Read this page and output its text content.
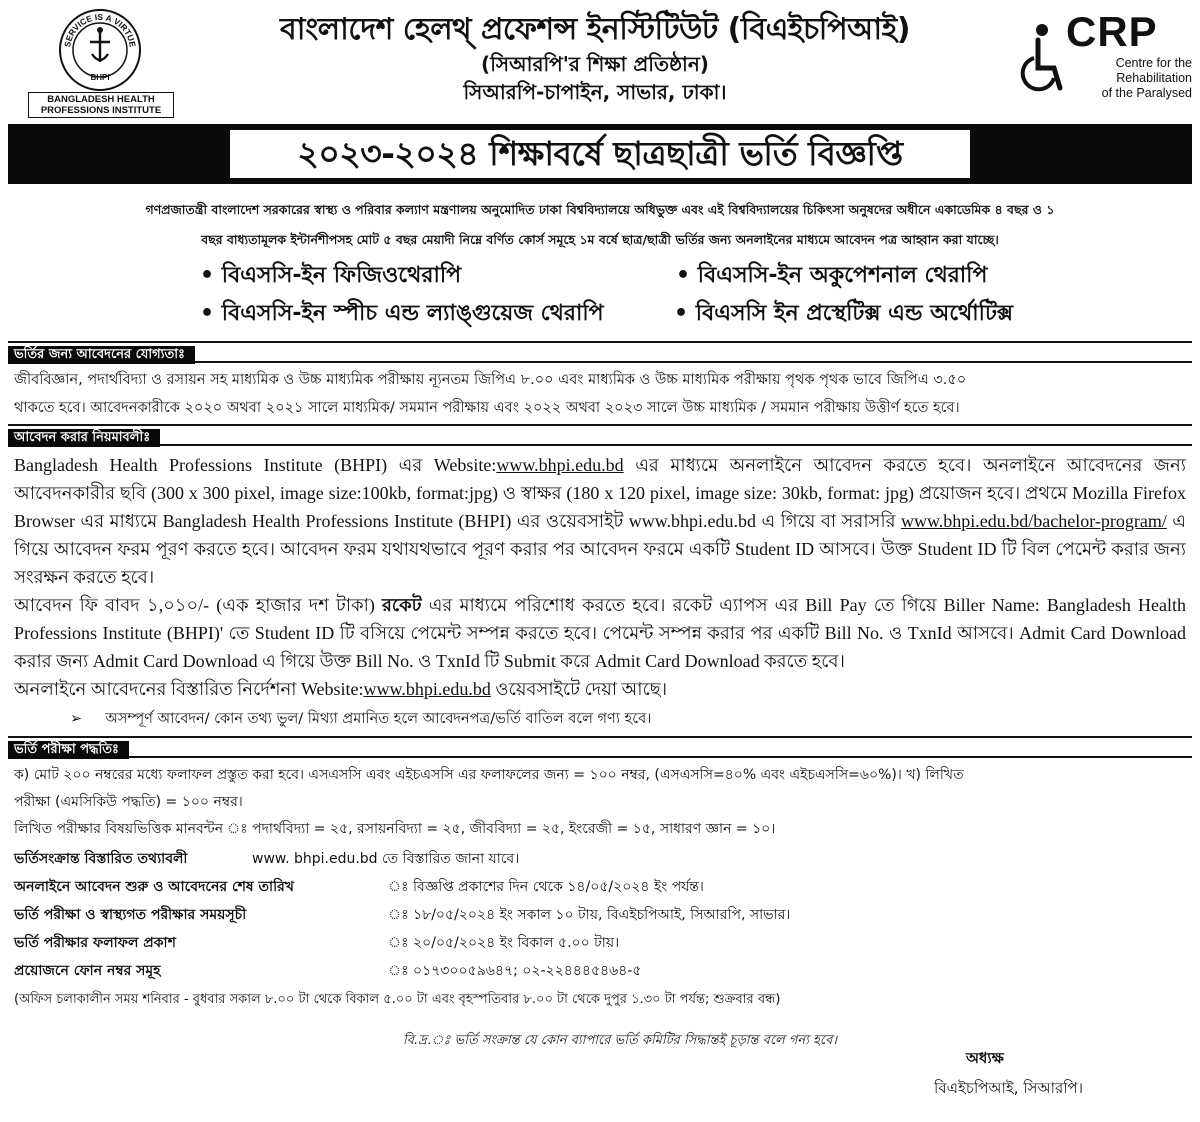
SERVICE IS A VIRTUE
BHPI
BANGLADESH HEALTH
PROFESSIONS INSTITUTE
বাংলাদেশ হেলথ্ প্রফেশন্স ইনস্টিটিউট (বিএইচপিআই)
(সিআরপি'র শিক্ষা প্রতিষ্ঠান)
সিআরপি-চাপাইন, সাভার, ঢাকা।
CRP
Centre for the
Rehabilitation
of the Paralysed
২০২৩-২০২৪ শিক্ষাবর্ষে ছাত্রছাত্রী ভর্তি বিজ্ঞপ্তি
গণপ্রজাতন্ত্রী বাংলাদেশ সরকারের স্বাস্থ্য ও পরিবার কল্যাণ মন্ত্রণালয় অনুমোদিত ঢাকা বিশ্ববিদ্যালয়ে অধিভুক্ত এবং এই বিশ্ববিদ্যালয়ের চিকিৎসা অনুষদের অধীনে একাডেমিক ৪ বছর ও ১
বছর বাধ্যতামূলক ইন্টার্নশীপসহ মোট ৫ বছর মেয়াদী নিম্নে বর্ণিত কোর্স সমূহে ১ম বর্ষে ছাত্র/ছাত্রী ভর্তির জন্য অনলাইনের মাধ্যমে আবেদন পত্র আহ্বান করা যাচ্ছে।
• বিএসসি-ইন ফিজিওথেরাপি	• বিএসসি-ইন অকুপেশনাল থেরাপি
• বিএসসি-ইন স্পীচ এন্ড ল্যাঙ্গুয়েজ থেরাপি	• বিএসসি ইন প্রস্থেটিক্স এন্ড অর্থোটিক্স
ভর্তির জন্য আবেদনের যোগ্যতাঃ
জীববিজ্ঞান, পদার্থবিদ্যা ও রসায়ন সহ মাধ্যমিক ও উচ্চ মাধ্যমিক পরীক্ষায় ন্যূনতম জিপিএ ৮.০০ এবং মাধ্যমিক ও উচ্চ মাধ্যমিক পরীক্ষায় পৃথক পৃথক ভাবে জিপিএ ৩.৫০
থাকতে হবে। আবেদনকারীকে ২০২০ অথবা ২০২১ সালে মাধ্যমিক/ সমমান পরীক্ষায় এবং ২০২২ অথবা ২০২৩ সালে উচ্চ মাধ্যমিক / সমমান পরীক্ষায় উত্তীর্ণ হতে হবে।
আবেদন করার নিয়মাবলীঃ
Bangladesh Health Professions Institute (BHPI) এর Website:www.bhpi.edu.bd এর মাধ্যমে অনলাইনে আবেদন করতে হবে। অনলাইনে আবেদনের জন্য আবেদনকারীর ছবি (300 x 300 pixel, image size:100kb, format:jpg) ও স্বাক্ষর (180 x 120 pixel, image size: 30kb, format: jpg) প্রয়োজন হবে। প্রথমে Mozilla Firefox Browser এর মাধ্যমে Bangladesh Health Professions Institute (BHPI) এর ওয়েবসাইট www.bhpi.edu.bd এ গিয়ে বা সরাসরি www.bhpi.edu.bd/bachelor-program/ এ গিয়ে আবেদন ফরম পূরণ করতে হবে। আবেদন ফরম যথাযথভাবে পূরণ করার পর আবেদন ফরমে একটি Student ID আসবে। উক্ত Student ID টি বিল পেমেন্ট করার জন্য সংরক্ষন করতে হবে।
আবেদন ফি বাবদ ১,০১০/- (এক হাজার দশ টাকা) রকেট এর মাধ্যমে পরিশোধ করতে হবে। রকেট এ্যাপস এর Bill Pay তে গিয়ে Biller Name: Bangladesh Health Professions Institute (BHPI)' তে Student ID টি বসিয়ে পেমেন্ট সম্পন্ন করতে হবে। পেমেন্ট সম্পন্ন করার পর একটি Bill No. ও TxnId আসবে। Admit Card Download করার জন্য Admit Card Download এ গিয়ে উক্ত Bill No. ও TxnId টি Submit করে Admit Card Download করতে হবে।
অনলাইনে আবেদনের বিস্তারিত নির্দেশনা Website:www.bhpi.edu.bd ওয়েবসাইটে দেয়া আছে।
➢ অসম্পূর্ণ আবেদন/ কোন তথ্য ভুল/ মিথ্যা প্রমানিত হলে আবেদনপত্র/ভর্তি বাতিল বলে গণ্য হবে।
ভর্তি পরীক্ষা পদ্ধতিঃ
ক) মোট ২০০ নম্বরের মধ্যে ফলাফল প্রস্তুত করা হবে। এসএসসি এবং এইচএসসি এর ফলাফলের জন্য = ১০০ নম্বর, (এসএসসি=৪০% এবং এইচএসসি=৬০%)। খ) লিখিত
পরীক্ষা (এমসিকিউ পদ্ধতি) = ১০০ নম্বর।
লিখিত পরীক্ষার বিষয়ভিত্তিক মানবন্টন ঃ পদার্থবিদ্যা = ২৫, রসায়নবিদ্যা = ২৫, জীববিদ্যা = ২৫, ইংরেজী = ১৫, সাধারণ জ্ঞান = ১০।
ভর্তিসংক্রান্ত বিস্তারিত তথ্যাবলী	www. bhpi.edu.bd তে বিস্তারিত জানা যাবে।
অনলাইনে আবেদন শুরু ও আবেদনের শেষ তারিখ	ঃ বিজ্ঞপ্তি প্রকাশের দিন থেকে ১৪/০৫/২০২৪ ইং পর্যন্ত।
ভর্তি পরীক্ষা ও স্বাস্থ্যগত পরীক্ষার সময়সূচী	ঃ ১৮/০৫/২০২৪ ইং সকাল ১০ টায়, বিএইচপিআই, সিআরপি, সাভার।
ভর্তি পরীক্ষার ফলাফল প্রকাশ	ঃ ২০/০৫/২০২৪ ইং বিকাল ৫.০০ টায়।
প্রয়োজনে ফোন নম্বর সমূহ	ঃ ০১৭৩০০৫৯৬৪৭; ০২-২২৪৪৪৫৪৬৪-৫
(অফিস চলাকালীন সময় শনিবার - বুধবার সকাল ৮.০০ টা থেকে বিকাল ৫.০০ টা এবং বৃহস্পতিবার ৮.০০ টা থেকে দুপুর ১.৩০ টা পর্যন্ত; শুক্রবার বন্ধ)
বি.দ্র.ঃ ভর্তি সংক্রান্ত যে কোন ব্যাপারে ভর্তি কমিটির সিদ্ধান্তই চূড়ান্ত বলে গন্য হবে।
অধ্যক্ষ
বিএইচপিআই, সিআরপি।
